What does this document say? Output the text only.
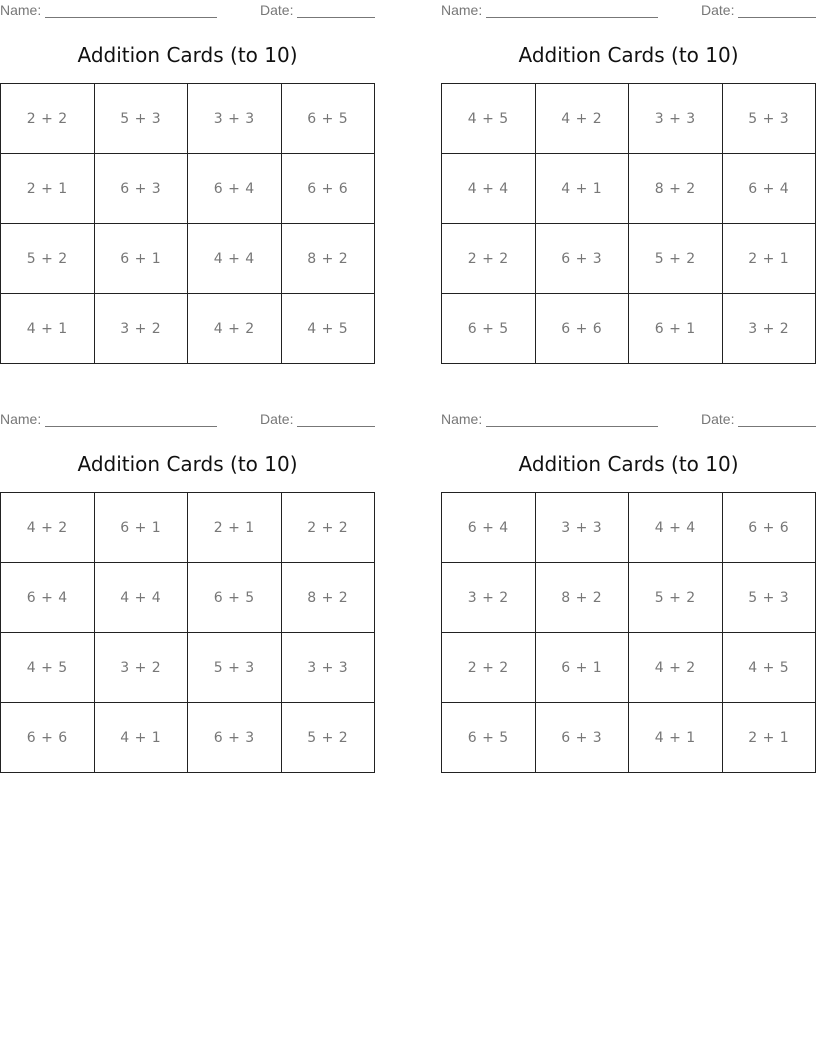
Name:	Date:
Addition Cards (to 10)
2 + 2	5 + 3	3 + 3	6 + 5
2 + 1	6 + 3	6 + 4	6 + 6
5 + 2	6 + 1	4 + 4	8 + 2
4 + 1	3 + 2	4 + 2	4 + 5
Name:	Date:
Addition Cards (to 10)
4 + 5	4 + 2	3 + 3	5 + 3
4 + 4	4 + 1	8 + 2	6 + 4
2 + 2	6 + 3	5 + 2	2 + 1
6 + 5	6 + 6	6 + 1	3 + 2
Name:	Date:
Addition Cards (to 10)
4 + 2	6 + 1	2 + 1	2 + 2
6 + 4	4 + 4	6 + 5	8 + 2
4 + 5	3 + 2	5 + 3	3 + 3
6 + 6	4 + 1	6 + 3	5 + 2
Name:	Date:
Addition Cards (to 10)
6 + 4	3 + 3	4 + 4	6 + 6
3 + 2	8 + 2	5 + 2	5 + 3
2 + 2	6 + 1	4 + 2	4 + 5
6 + 5	6 + 3	4 + 1	2 + 1
